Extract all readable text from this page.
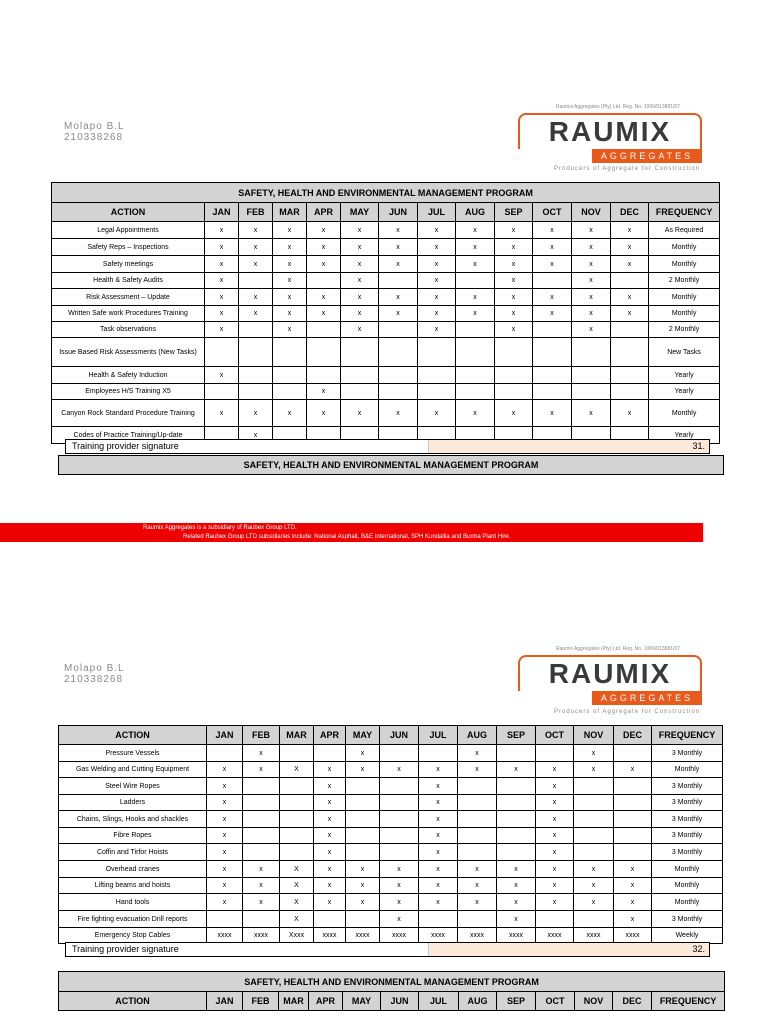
Molapo B.L
210338268
Raumix Aggregates (Pty) Ltd. Reg. No. 1999/013881/07
RAUMIX
AGGREGATES
Producers of Aggregate for Construction
SAFETY, HEALTH AND ENVIRONMENTAL MANAGEMENT PROGRAM													
ACTION	JAN	FEB	MAR	APR	MAY	JUN	JUL	AUG	SEP	OCT	NOV	DEC	FREQUENCY
Legal Appointments	x	x	x	x	x	x	x	x	x	x	x	x	As Required
Safety Reps – Inspections	x	x	x	x	x	x	x	x	x	x	x	x	Monthly
Safety meetings	x	x	x	x	x	x	x	x	x	x	x	x	Monthly
Health & Safety Audits	x		x		x		x		x		x		2 Monthly
Risk Assessment – Update	x	x	x	x	x	x	x	x	x	x	x	x	Monthly
Written Safe work Procedures Training	x	x	x	x	x	x	x	x	x	x	x	x	Monthly
Task observations	x		x		x		x		x		x		2 Monthly
Issue Based Risk Assessments (New Tasks)													New Tasks
Health & Safety Induction	x												Yearly
Employees H/S Training X5				x									Yearly
Canyon Rock Standard Procedure Training	x	x	x	x	x	x	x	x	x	x	x	x	Monthly
Codes of Practice Training/Up-date		x											Yearly
Training provider signature	31.
SAFETY, HEALTH AND ENVIRONMENTAL MANAGEMENT PROGRAM
Raumix Aggregates is a subsidiary of Raubex Group LTD.
Related Raubex Group LTD subsidiaries include: National Asphalt, B&E International, SPH Kundalila and Burma Plant Hire.
Molapo B.L
210338268
Raumix Aggregates (Pty) Ltd. Reg. No. 1999/013881/07
RAUMIX
AGGREGATES
Producers of Aggregate for Construction
ACTION	JAN	FEB	MAR	APR	MAY	JUN	JUL	AUG	SEP	OCT	NOV	DEC	FREQUENCY
Pressure Vessels		x			x			x			x		3 Monthly
Gas Welding and Cutting Equipment	x	x	X	x	x	x	x	x	x	x	x	x	Monthly
Steel Wire Ropes	x			x			x			x			3 Monthly
Ladders	x			x			x			x			3 Monthly
Chains, Slings, Hooks and shackles	x			x			x			x			3 Monthly
Fibre Ropes	x			x			x			x			3 Monthly
Coffin and Tirfor Hoists	x			x			x			x			3 Monthly
Overhead cranes	x	x	X	x	x	x	x	x	x	x	x	x	Monthly
Lifting beams and hoists	x	x	X	x	x	x	x	x	x	x	x	x	Monthly
Hand tools	x	x	X	x	x	x	x	x	x	x	x	x	Monthly
Fire fighting evacuation Drill reports			X			x			x			x	3 Monthly
Emergency Stop Cables	xxxx	xxxx	Xxxx	xxxx	xxxx	xxxx	xxxx	xxxx	xxxx	xxxx	xxxx	xxxx	Weekly
Training provider signature	32.
SAFETY, HEALTH AND ENVIRONMENTAL MANAGEMENT PROGRAM
ACTION	JAN	FEB	MAR	APR	MAY	JUN	JUL	AUG	SEP	OCT	NOV	DEC	FREQUENCY
